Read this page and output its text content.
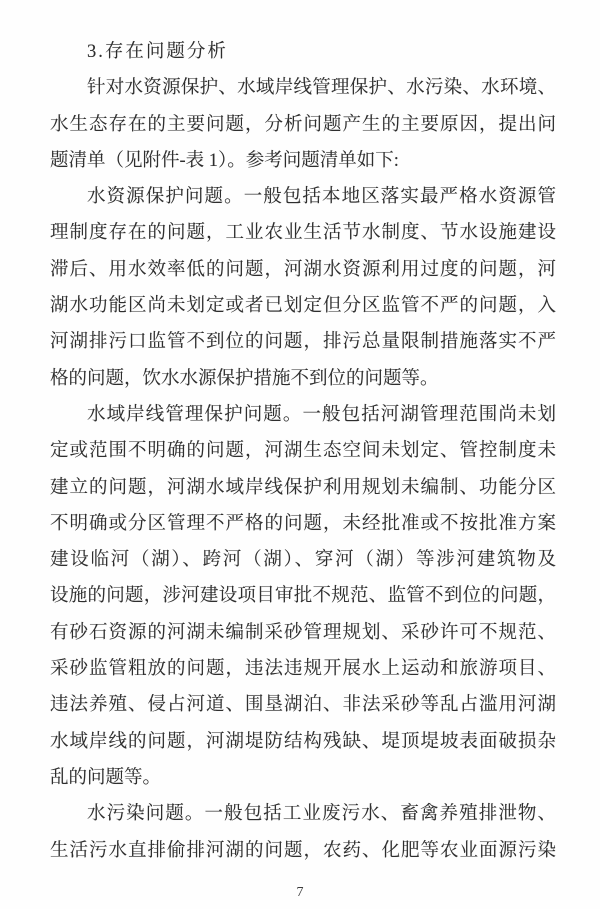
3.存在问题分析
针对水资源保护、水域岸线管理保护、水污染、水环境、
水生态存在的主要问题，分析问题产生的主要原因，提出问
题清单（见附件-表 1）。参考问题清单如下:
水资源保护问题。一般包括本地区落实最严格水资源管
理制度存在的问题，工业农业生活节水制度、节水设施建设
滞后、用水效率低的问题，河湖水资源利用过度的问题，河
湖水功能区尚未划定或者已划定但分区监管不严的问题，入
河湖排污口监管不到位的问题，排污总量限制措施落实不严
格的问题，饮水水源保护措施不到位的问题等。
水域岸线管理保护问题。一般包括河湖管理范围尚未划
定或范围不明确的问题，河湖生态空间未划定、管控制度未
建立的问题，河湖水域岸线保护利用规划未编制、功能分区
不明确或分区管理不严格的问题，未经批准或不按批准方案
建设临河（湖）、跨河（湖）、穿河（湖）等涉河建筑物及
设施的问题，涉河建设项目审批不规范、监管不到位的问题，
有砂石资源的河湖未编制采砂管理规划、采砂许可不规范、
采砂监管粗放的问题，违法违规开展水上运动和旅游项目、
违法养殖、侵占河道、围垦湖泊、非法采砂等乱占滥用河湖
水域岸线的问题，河湖堤防结构残缺、堤顶堤坡表面破损杂
乱的问题等。
水污染问题。一般包括工业废污水、畜禽养殖排泄物、
生活污水直排偷排河湖的问题，农药、化肥等农业面源污染
7
